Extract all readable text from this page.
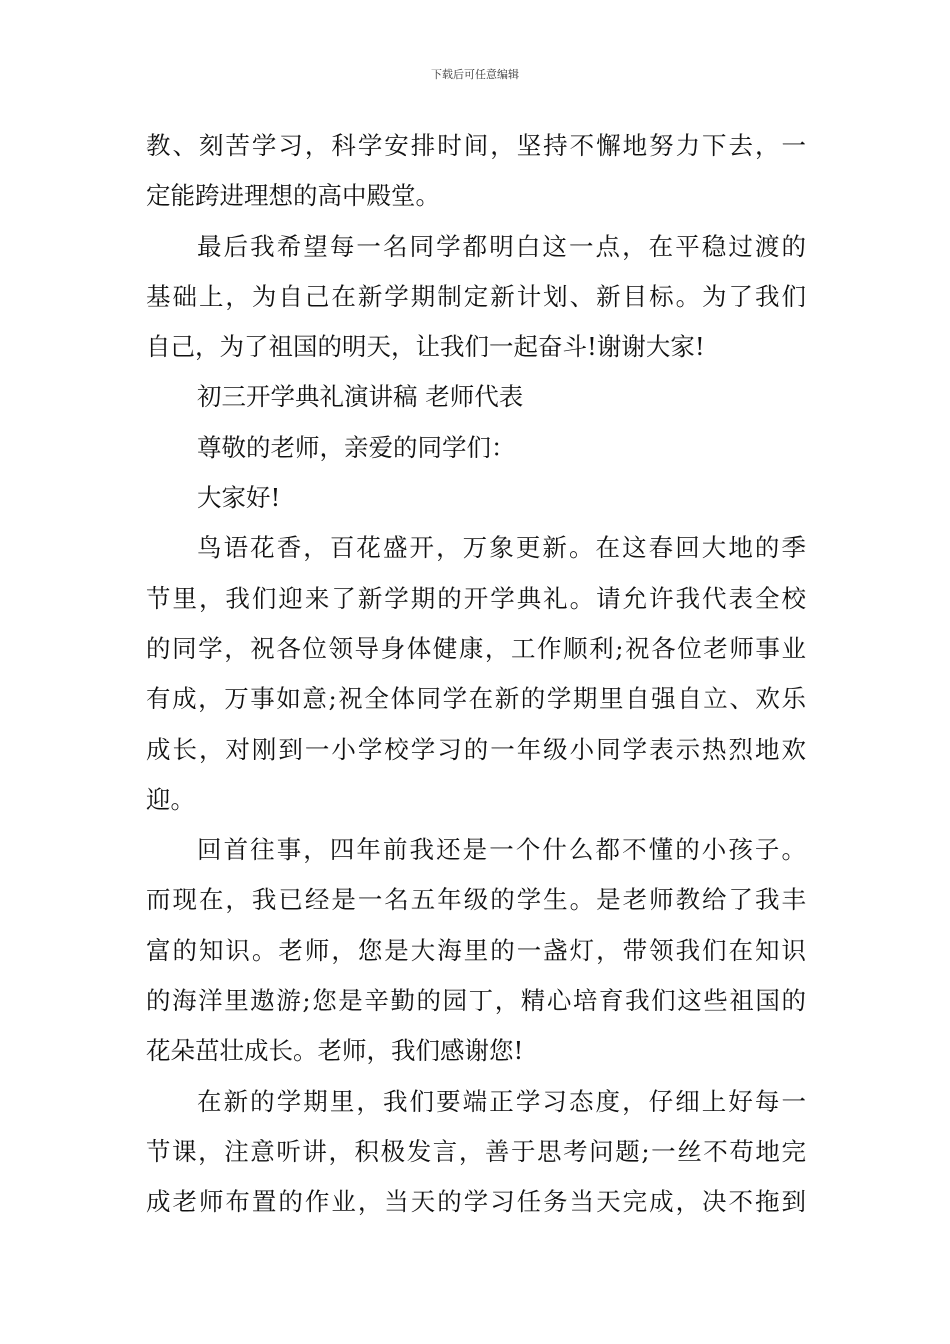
下载后可任意编辑
教、刻苦学习，科学安排时间，坚持不懈地努力下去，一
定能跨进理想的高中殿堂。
最后我希望每一名同学都明白这一点，在平稳过渡的
基础上，为自己在新学期制定新计划、新目标。为了我们
自己，为了祖国的明天，让我们一起奋斗!谢谢大家!
初三开学典礼演讲稿 老师代表
尊敬的老师，亲爱的同学们：
大家好!
鸟语花香，百花盛开，万象更新。在这春回大地的季
节里，我们迎来了新学期的开学典礼。请允许我代表全校
的同学，祝各位领导身体健康，工作顺利;祝各位老师事业
有成，万事如意;祝全体同学在新的学期里自强自立、欢乐
成长，对刚到一小学校学习的一年级小同学表示热烈地欢
迎。
回首往事，四年前我还是一个什么都不懂的小孩子。
而现在，我已经是一名五年级的学生。是老师教给了我丰
富的知识。老师，您是大海里的一盏灯，带领我们在知识
的海洋里遨游;您是辛勤的园丁，精心培育我们这些祖国的
花朵茁壮成长。老师，我们感谢您!
在新的学期里，我们要端正学习态度，仔细上好每一
节课，注意听讲，积极发言，善于思考问题;一丝不苟地完
成老师布置的作业，当天的学习任务当天完成，决不拖到
